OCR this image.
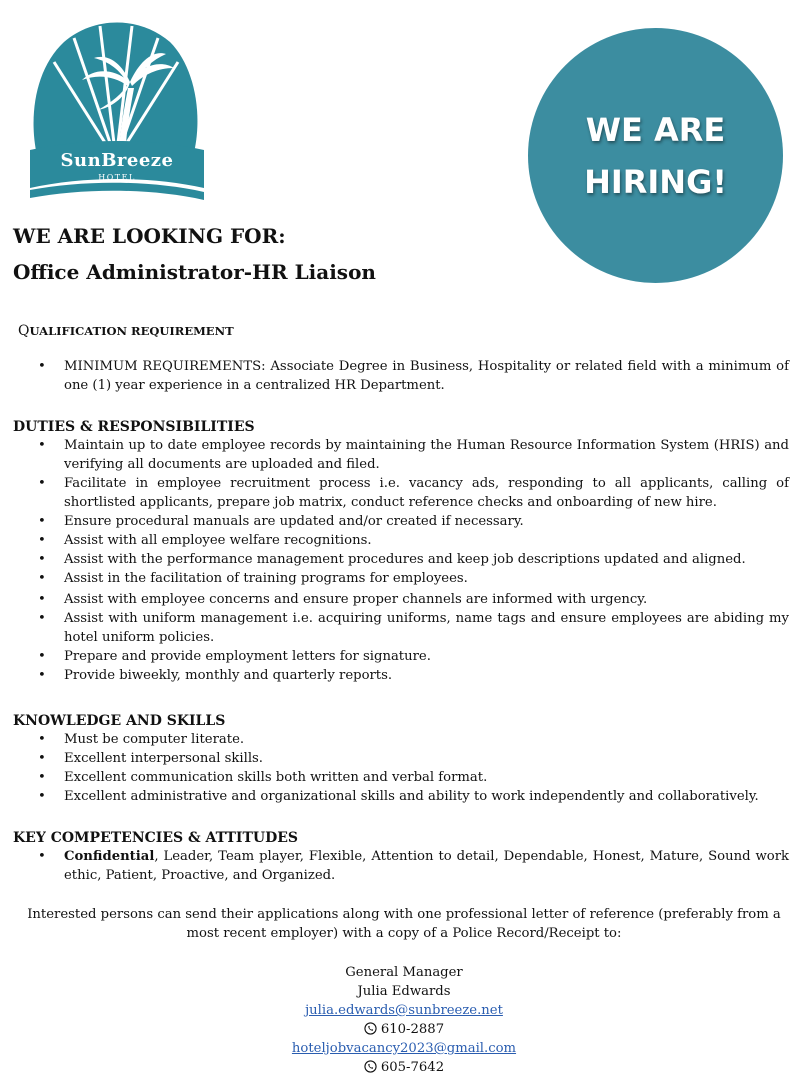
SunBreeze
HOTEL
WE ARE
HIRING!
WE ARE LOOKING FOR:
Office Administrator-HR Liaison
QUALIFICATION REQUIREMENT
• MINIMUM REQUIREMENTS: Associate Degree in Business, Hospitality or related field with a minimum of one (1) year experience in a centralized HR Department.
DUTIES & RESPONSIBILITIES
• Maintain up to date employee records by maintaining the Human Resource Information System (HRIS) and verifying all documents are uploaded and filed.
• Facilitate in employee recruitment process i.e. vacancy ads, responding to all applicants, calling of shortlisted applicants, prepare job matrix, conduct reference checks and onboarding of new hire.
• Ensure procedural manuals are updated and/or created if necessary.
• Assist with all employee welfare recognitions.
• Assist with the performance management procedures and keep job descriptions updated and aligned.
• Assist in the facilitation of training programs for employees.
• Assist with employee concerns and ensure proper channels are informed with urgency.
• Assist with uniform management i.e. acquiring uniforms, name tags and ensure employees are abiding my hotel uniform policies.
• Prepare and provide employment letters for signature.
• Provide biweekly, monthly and quarterly reports.
KNOWLEDGE AND SKILLS
• Must be computer literate.
• Excellent interpersonal skills.
• Excellent communication skills both written and verbal format.
• Excellent administrative and organizational skills and ability to work independently and collaboratively.
KEY COMPETENCIES & ATTITUDES
• Confidential, Leader, Team player, Flexible, Attention to detail, Dependable, Honest, Mature, Sound work ethic, Patient, Proactive, and Organized.
Interested persons can send their applications along with one professional letter of reference (preferably from a most recent employer) with a copy of a Police Record/Receipt to:
General Manager
Julia Edwards
julia.edwards@sunbreeze.net
610-2887
hoteljobvacancy2023@gmail.com
605-7642
